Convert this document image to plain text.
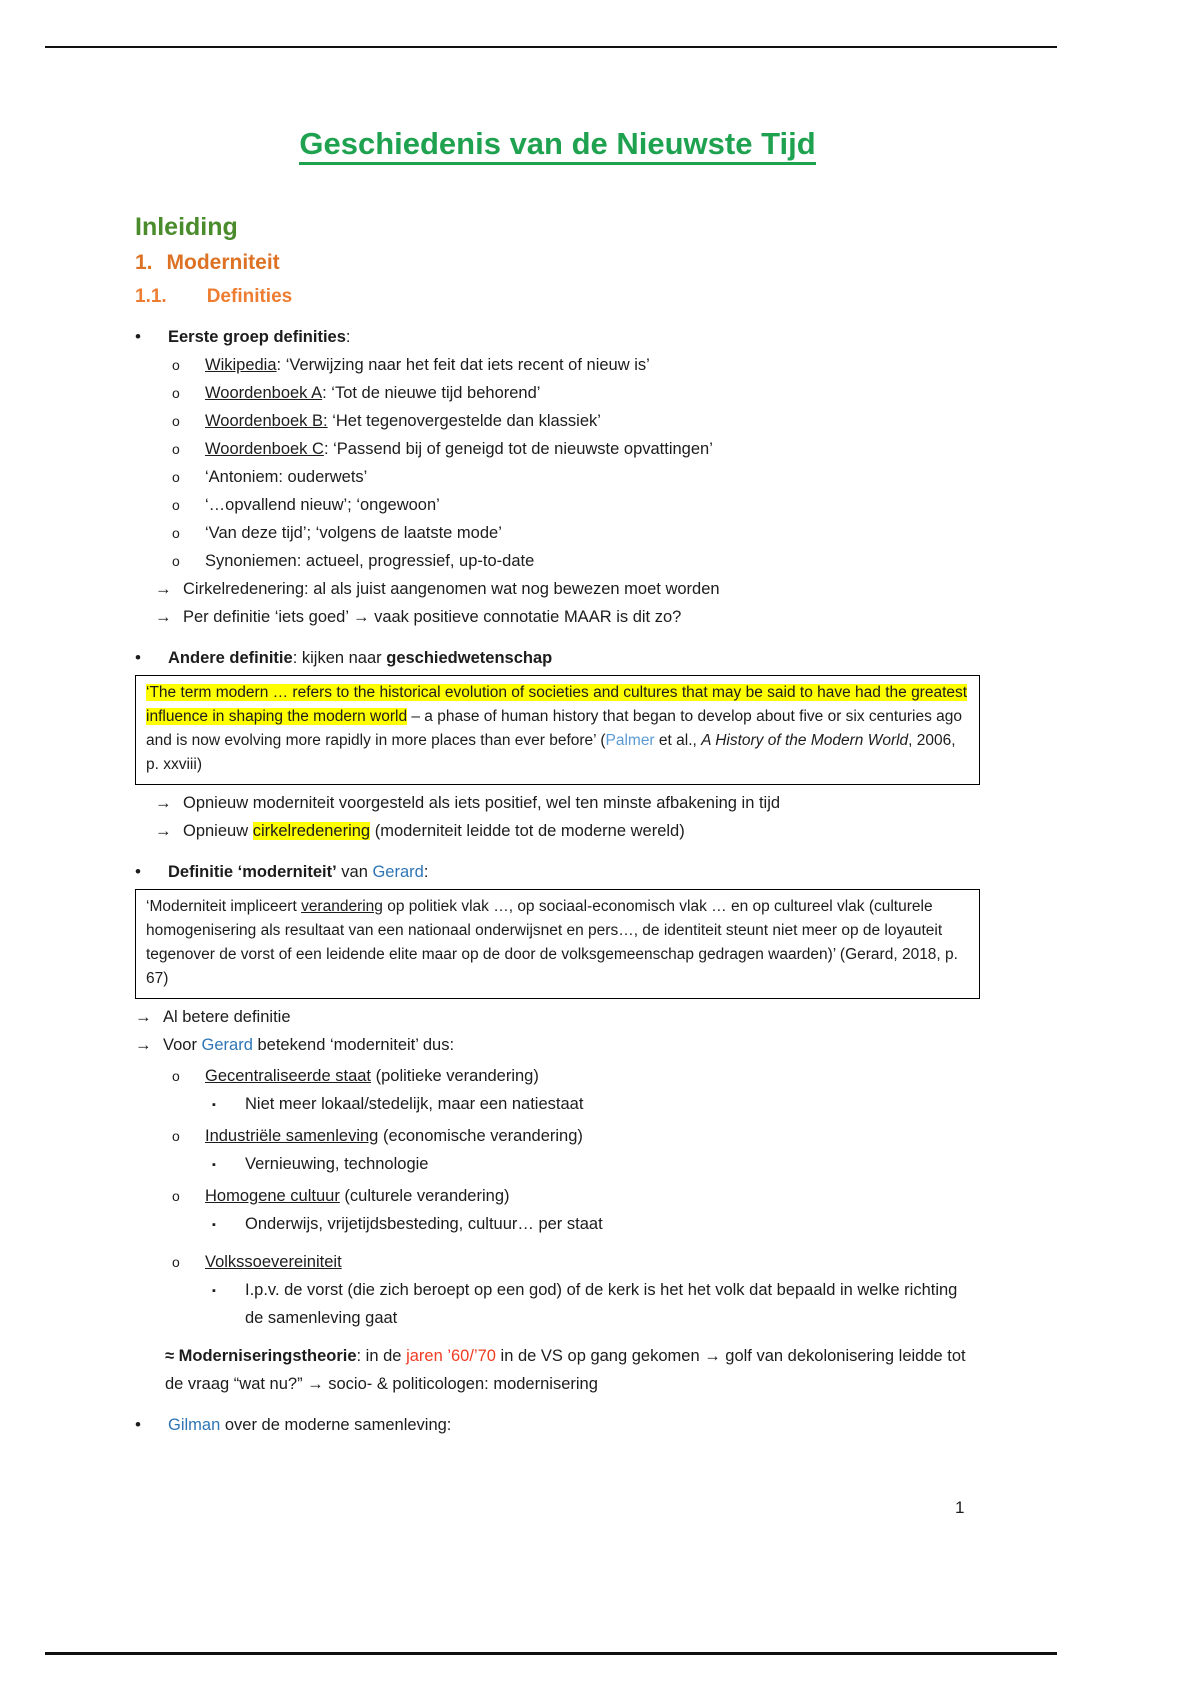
Geschiedenis van de Nieuwste Tijd
Inleiding
1. Moderniteit
1.1. Definities
•	Eerste groep definities:
o	Wikipedia: ‘Verwijzing naar het feit dat iets recent of nieuw is’
o	Woordenboek A: ‘Tot de nieuwe tijd behorend’
o	Woordenboek B: ‘Het tegenovergestelde dan klassiek’
o	Woordenboek C: ‘Passend bij of geneigd tot de nieuwste opvattingen’
o	‘Antoniem: ouderwets’
o	‘…opvallend nieuw’; ‘ongewoon’
o	‘Van deze tijd’; ‘volgens de laatste mode’
o	Synoniemen: actueel, progressief, up-to-date
→ Cirkelredenering: al als juist aangenomen wat nog bewezen moet worden
→ Per definitie ‘iets goed’ → vaak positieve connotatie MAAR is dit zo?
•	Andere definitie: kijken naar geschiedwetenschap
‘The term modern … refers to the historical evolution of societies and cultures that may be said to have had the greatest influence in shaping the modern world – a phase of human history that began to develop about five or six centuries ago and is now evolving more rapidly in more places than ever before’ (Palmer et al., A History of the Modern World, 2006, p. xxviii)
→ Opnieuw moderniteit voorgesteld als iets positief, wel ten minste afbakening in tijd
→ Opnieuw cirkelredenering (moderniteit leidde tot de moderne wereld)
•	Definitie ‘moderniteit’ van Gerard:
‘Moderniteit impliceert verandering op politiek vlak …, op sociaal-economisch vlak … en op cultureel vlak (culturele homogenisering als resultaat van een nationaal onderwijsnet en pers…, de identiteit steunt niet meer op de loyauteit tegenover de vorst of een leidende elite maar op de door de volksgemeenschap gedragen waarden)’ (Gerard, 2018, p. 67)
→ Al betere definitie
→ Voor Gerard betekend ‘moderniteit’ dus:
o	Gecentraliseerde staat (politieke verandering)
▪	Niet meer lokaal/stedelijk, maar een natiestaat
o	Industriële samenleving (economische verandering)
▪	Vernieuwing, technologie
o	Homogene cultuur (culturele verandering)
▪	Onderwijs, vrijetijdsbesteding, cultuur… per staat
o	Volkssoevereiniteit
▪	I.p.v. de vorst (die zich beroept op een god) of de kerk is het het volk dat bepaald in welke richting de samenleving gaat
≈ Moderniseringstheorie: in de jaren ’60/’70 in de VS op gang gekomen → golf van dekolonisering leidde tot de vraag “wat nu?” → socio- & politicologen: modernisering
•	Gilman over de moderne samenleving:
1
